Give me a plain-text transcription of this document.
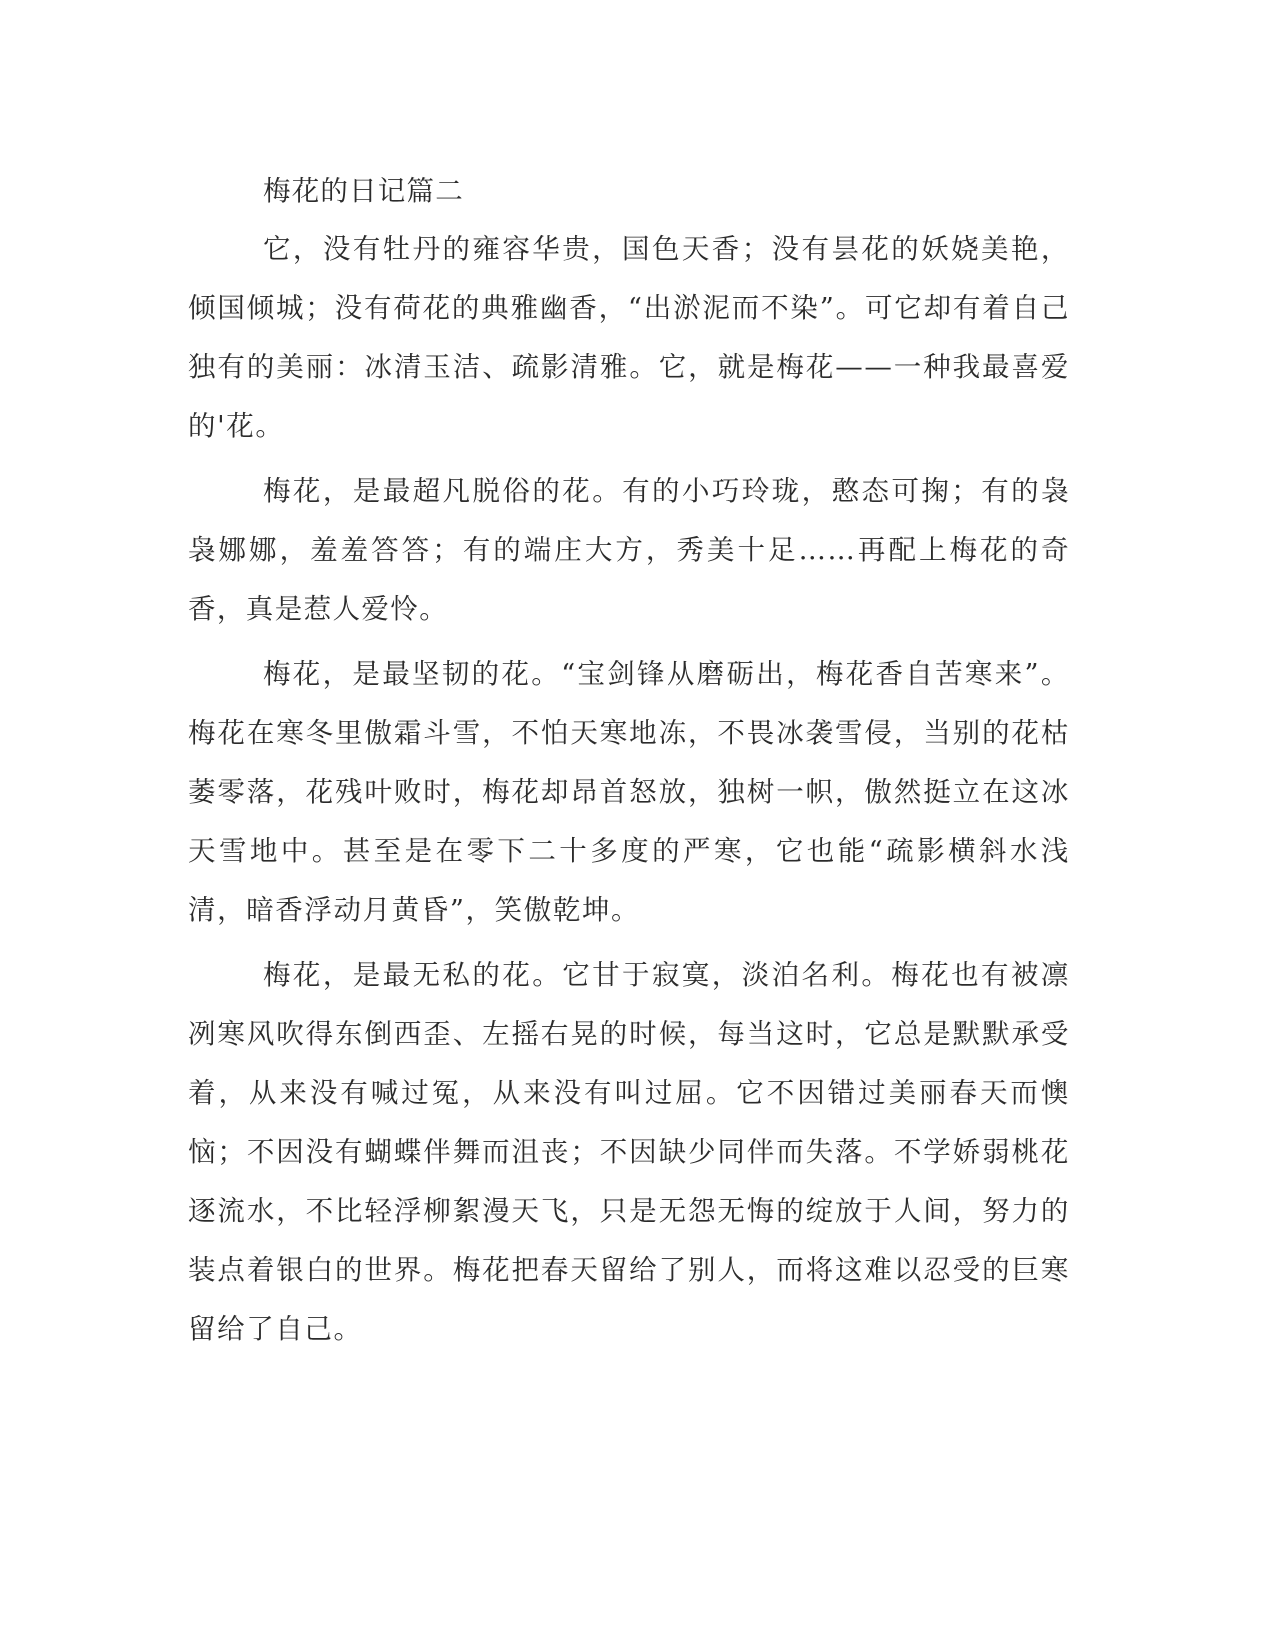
梅花的日记篇二

它，没有牡丹的雍容华贵，国色天香；没有昙花的妖娆美艳，倾国倾城；没有荷花的典雅幽香，“出淤泥而不染”。可它却有着自己独有的美丽：冰清玉洁、疏影清雅。它，就是梅花——一种我最喜爱的'花。

梅花，是最超凡脱俗的花。有的小巧玲珑，憨态可掬；有的袅袅娜娜，羞羞答答；有的端庄大方，秀美十足……再配上梅花的奇香，真是惹人爱怜。

梅花，是最坚韧的花。“宝剑锋从磨砺出，梅花香自苦寒来”。梅花在寒冬里傲霜斗雪，不怕天寒地冻，不畏冰袭雪侵，当别的花枯萎零落，花残叶败时，梅花却昂首怒放，独树一帜，傲然挺立在这冰天雪地中。甚至是在零下二十多度的严寒，它也能“疏影横斜水浅清，暗香浮动月黄昏”，笑傲乾坤。

梅花，是最无私的花。它甘于寂寞，淡泊名利。梅花也有被凛冽寒风吹得东倒西歪、左摇右晃的时候，每当这时，它总是默默承受着，从来没有喊过冤，从来没有叫过屈。它不因错过美丽春天而懊恼；不因没有蝴蝶伴舞而沮丧；不因缺少同伴而失落。不学娇弱桃花逐流水，不比轻浮柳絮漫天飞，只是无怨无悔的绽放于人间，努力的装点着银白的世界。梅花把春天留给了别人，而将这难以忍受的巨寒留给了自己。
